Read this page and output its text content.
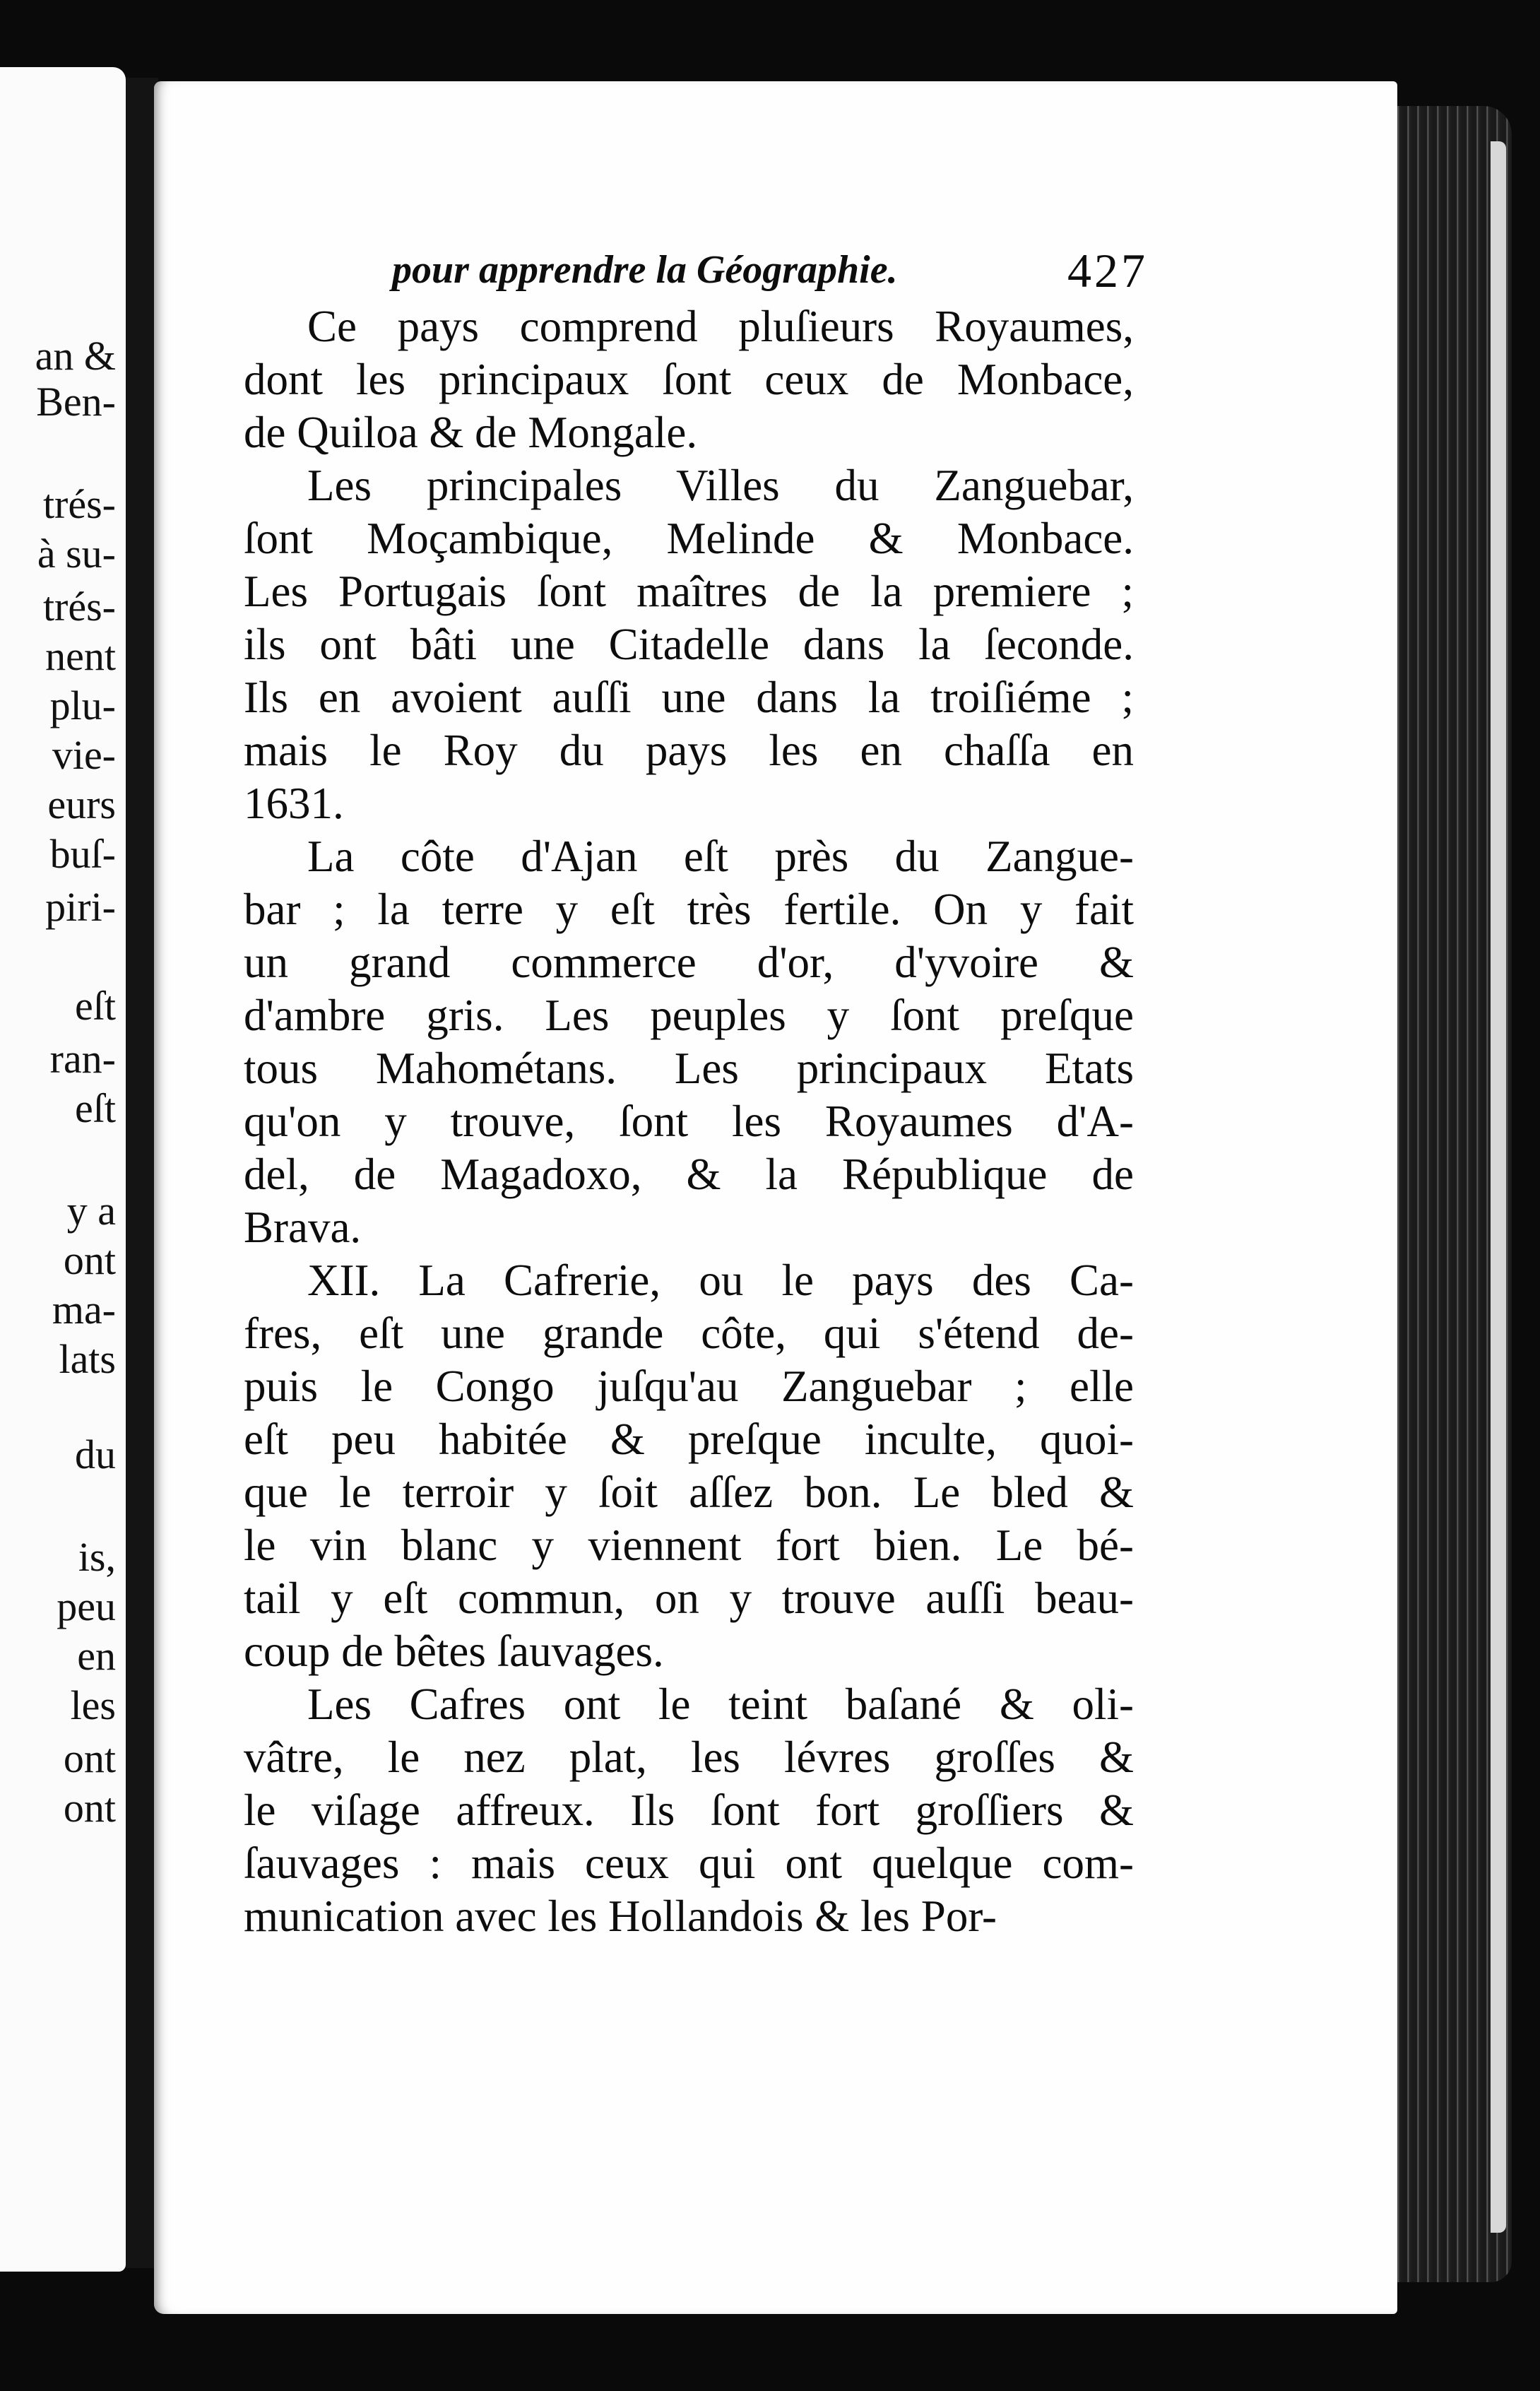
an &
Ben-
trés-
à su-
trés-
nent
plu-
vie-
eurs
buſ-
piri-
eſt
ran-
eſt
y a
ont
ma-
lats
du
is,
peu
en
les
ont
ont
pour apprendre la Géographie.	427
Ce pays comprend pluſieurs Royaumes,
dont les principaux ſont ceux de Monbace,
de Quiloa & de Mongale.
Les principales Villes du Zanguebar,
ſont Moçambique, Melinde & Monbace.
Les Portugais ſont maîtres de la premiere ;
ils ont bâti une Citadelle dans la ſeconde.
Ils en avoient auſſi une dans la troiſiéme ;
mais le Roy du pays les en chaſſa en
1631.
La côte d'Ajan eſt près du Zangue-
bar ; la terre y eſt très fertile. On y fait
un grand commerce d'or, d'yvoire &
d'ambre gris. Les peuples y ſont preſque
tous Mahométans. Les principaux Etats
qu'on y trouve, ſont les Royaumes d'A-
del, de Magadoxo, & la République de
Brava.
XII. La Cafrerie, ou le pays des Ca-
fres, eſt une grande côte, qui s'étend de-
puis le Congo juſqu'au Zanguebar ; elle
eſt peu habitée & preſque inculte, quoi-
que le terroir y ſoit aſſez bon. Le bled &
le vin blanc y viennent fort bien. Le bé-
tail y eſt commun, on y trouve auſſi beau-
coup de bêtes ſauvages.
Les Cafres ont le teint baſané & oli-
vâtre, le nez plat, les lévres groſſes &
le viſage affreux. Ils ſont fort groſſiers &
ſauvages : mais ceux qui ont quelque com-
munication avec les Hollandois & les Por-
